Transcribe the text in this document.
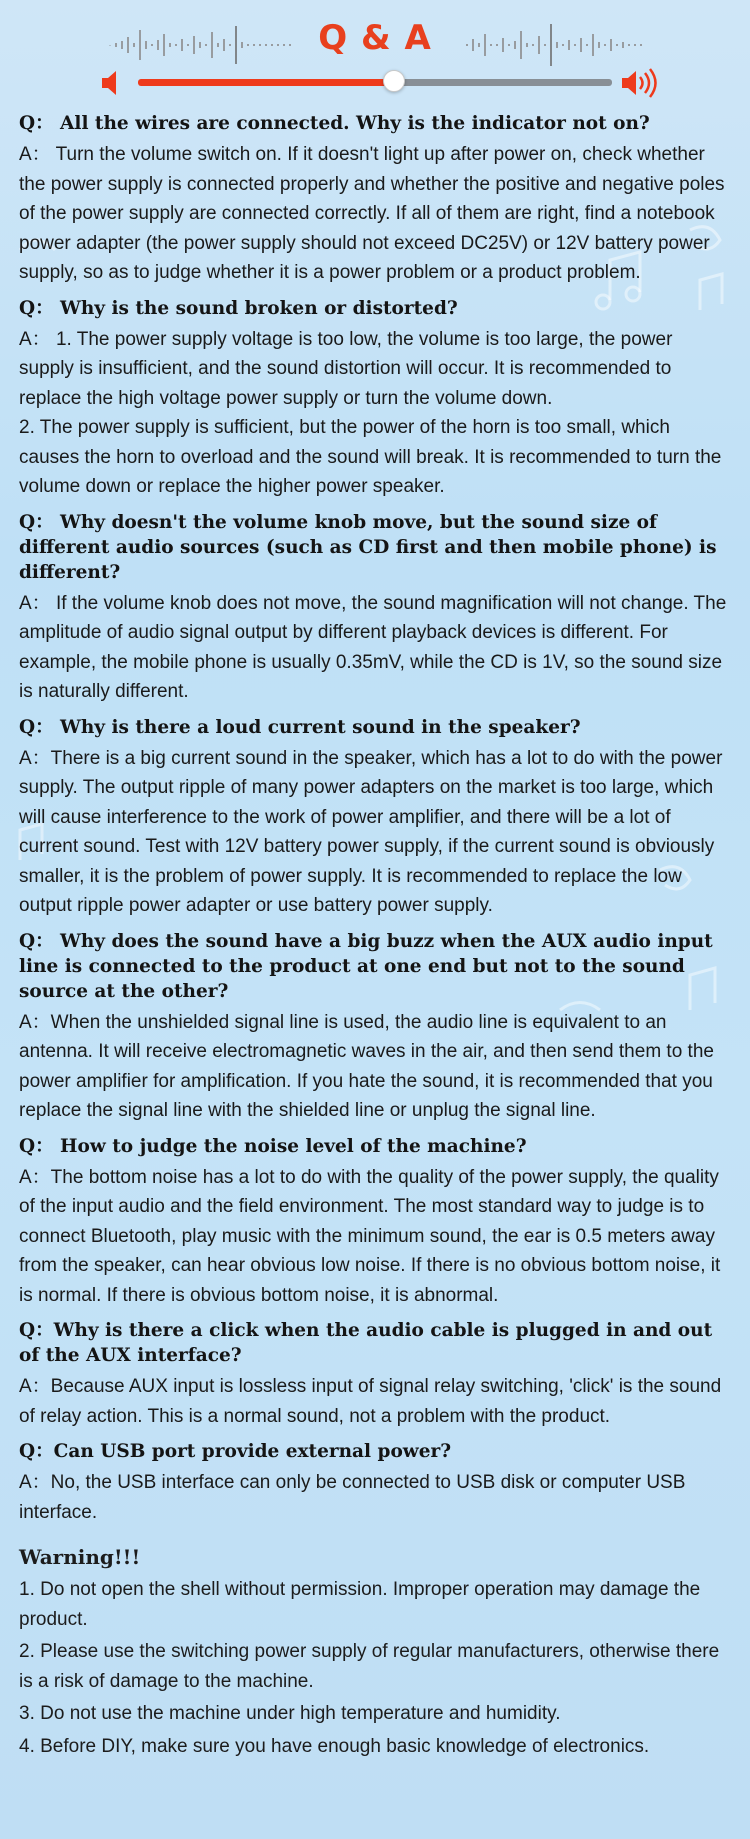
Q & A

Q： All the wires are connected. Why is the indicator not on?

A： Turn the volume switch on. If it doesn't light up after power on, check whether the power supply is connected properly and whether the positive and negative poles of the power supply are connected correctly. If all of them are right, find a notebook power adapter (the power supply should not exceed DC25V) or 12V battery power supply, so as to judge whether it is a power problem or a product problem.

Q： Why is the sound broken or distorted?

A： 1. The power supply voltage is too low, the volume is too large, the power supply is insufficient, and the sound distortion will occur. It is recommended to replace the high voltage power supply or turn the volume down.

2. The power supply is sufficient, but the power of the horn is too small, which causes the horn to overload and the sound will break. It is recommended to turn the volume down or replace the higher power speaker.

Q： Why doesn't the volume knob move, but the sound size of different audio sources (such as CD first and then mobile phone) is different?

A： If the volume knob does not move, the sound magnification will not change. The amplitude of audio signal output by different playback devices is different. For example, the mobile phone is usually 0.35mV, while the CD is 1V, so the sound size is naturally different.

Q： Why is there a loud current sound in the speaker?

A：There is a big current sound in the speaker, which has a lot to do with the power supply. The output ripple of many power adapters on the market is too large, which will cause interference to the work of power amplifier, and there will be a lot of current sound. Test with 12V battery power supply, if the current sound is obviously smaller, it is the problem of power supply. It is recommended to replace the low output ripple power adapter or use battery power supply.

Q： Why does the sound have a big buzz when the AUX audio input line is connected to the product at one end but not to the sound source at the other?

A：When the unshielded signal line is used, the audio line is equivalent to an antenna. It will receive electromagnetic waves in the air, and then send them to the power amplifier for amplification. If you hate the sound, it is recommended that you replace the signal line with the shielded line or unplug the signal line.

Q： How to judge the noise level of the machine?

A：The bottom noise has a lot to do with the quality of the power supply, the quality of the input audio and the field environment. The most standard way to judge is to connect Bluetooth, play music with the minimum sound, the ear is 0.5 meters away from the speaker, can hear obvious low noise. If there is no obvious bottom noise, it is normal. If there is obvious bottom noise, it is abnormal.

Q：Why is there a click when the audio cable is plugged in and out of the AUX interface?

A：Because AUX input is lossless input of signal relay switching, 'click' is the sound of relay action. This is a normal sound, not a problem with the product.

Q：Can USB port provide external power?

A：No, the USB interface can only be connected to USB disk or computer USB interface.

Warning!!!

1. Do not open the shell without permission. Improper operation may damage the product.

2. Please use the switching power supply of regular manufacturers, otherwise there is a risk of damage to the machine.

3. Do not use the machine under high temperature and humidity.

4. Before DIY, make sure you have enough basic knowledge of electronics.
